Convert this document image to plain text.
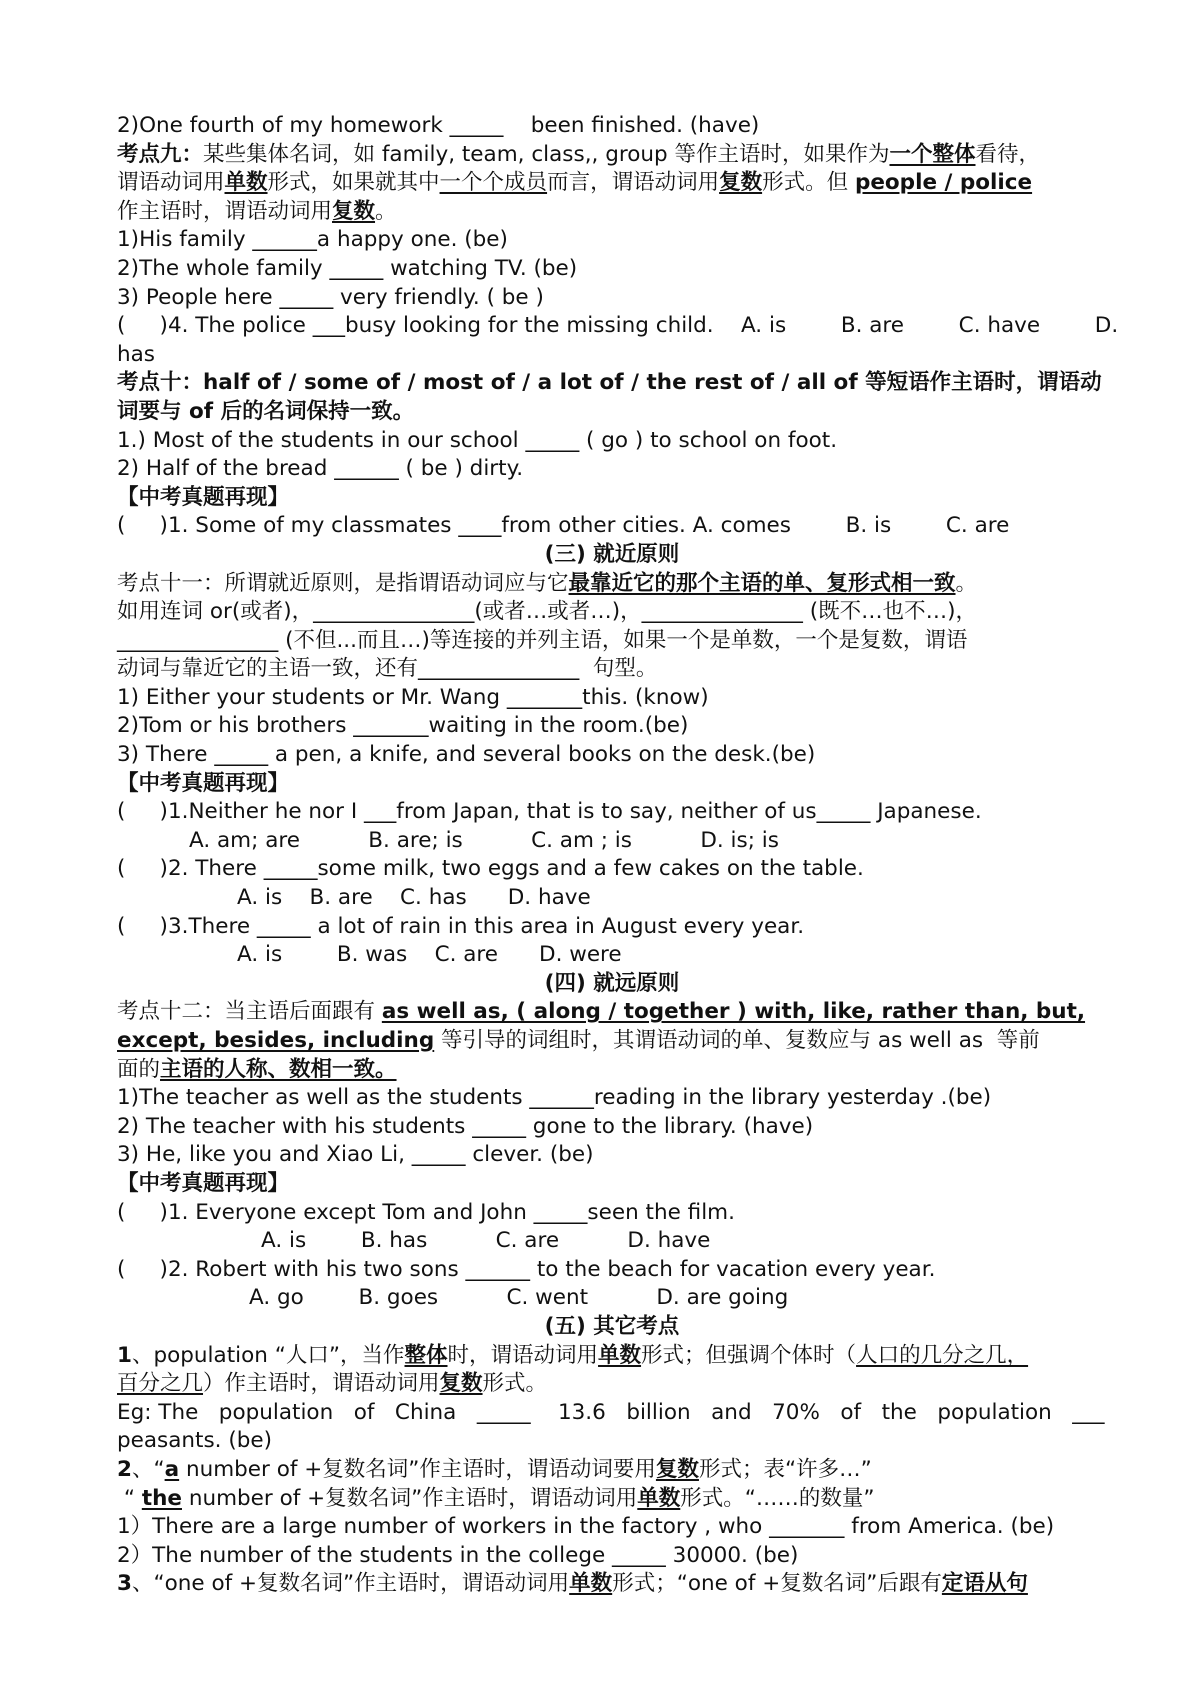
2)One fourth of my homework _____    been finished. (have)
考点九：某些集体名词，如 family, team, class,, group 等作主语时，如果作为一个整体看待，
谓语动词用单数形式，如果就其中一个个成员而言，谓语动词用复数形式。但 people / police
作主语时，谓语动词用复数。
1)His family ______a happy one. (be)
2)The whole family _____ watching TV. (be)
3) People here _____ very friendly. ( be )
(     )4. The police ___busy looking for the missing child.    A. is        B. are        C. have        D.
has
考点十：half of / some of / most of / a lot of / the rest of / all of 等短语作主语时，谓语动
词要与 of 后的名词保持一致。
1.) Most of the students in our school _____ ( go ) to school on foot.
2) Half of the bread ______ ( be ) dirty.
【中考真题再现】
(     )1. Some of my classmates ____from other cities. A. comes        B. is        C. are
(三) 就近原则
考点十一：所谓就近原则，是指谓语动词应与它最靠近它的那个主语的单、复形式相一致。
如用连词 or(或者)，_______________(或者…或者…)，_______________ (既不…也不…)，
_______________ (不但...而且…)等连接的并列主语，如果一个是单数，一个是复数，谓语
动词与靠近它的主语一致，还有_______________  句型。
1) Either your students or Mr. Wang _______this. (know)
2)Tom or his brothers _______waiting in the room.(be)
3) There _____ a pen, a knife, and several books on the desk.(be)
【中考真题再现】
(     )1.Neither he nor I ___from Japan, that is to say, neither of us_____ Japanese.
A. am; are          B. are; is          C. am ; is          D. is; is
(     )2. There _____some milk, two eggs and a few cakes on the table.
A. is    B. are    C. has      D. have
(     )3.There _____ a lot of rain in this area in August every year.
A. is        B. was    C. are      D. were
(四) 就远原则
考点十二：当主语后面跟有 as well as, ( along / together ) with, like, rather than, but,
except, besides, including 等引导的词组时，其谓语动词的单、复数应与 as well as  等前
面的主语的人称、数相一致。
1)The teacher as well as the students ______reading in the library yesterday .(be)
2) The teacher with his students _____ gone to the library. (have)
3) He, like you and Xiao Li, _____ clever. (be)
【中考真题再现】
(     )1. Everyone except Tom and John _____seen the film.
A. is        B. has          C. are          D. have
(     )2. Robert with his two sons ______ to the beach for vacation every year.
A. go        B. goes          C. went          D. are going
(五) 其它考点
1、population “人口”，当作整体时，谓语动词用单数形式；但强调个体时（人口的几分之几，
百分之几）作主语时，谓语动词用复数形式。
Eg: The   population   of   China   _____    13.6   billion   and   70%   of   the   population   ___
peasants. (be)
2、“a number of +复数名词”作主语时，谓语动词要用复数形式；表“许多…”
“ the number of +复数名词”作主语时，谓语动词用单数形式。“……的数量”
1）There are a large number of workers in the factory , who _______ from America. (be)
2）The number of the students in the college _____ 30000. (be)
3、“one of +复数名词”作主语时，谓语动词用单数形式；“one of +复数名词”后跟有定语从句
